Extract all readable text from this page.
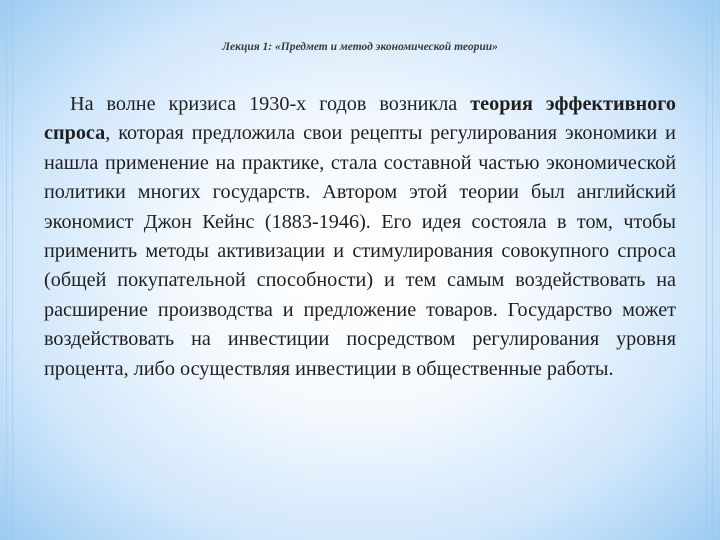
Лекция 1: «Предмет и метод экономической теории»

На волне кризиса 1930-х годов возникла теория эффективного спроса, которая предложила свои рецепты регулирования экономики и нашла применение на практике, стала составной частью экономической политики многих государств. Автором этой теории был английский экономист Джон Кейнс (1883-1946). Его идея состояла в том, чтобы применить методы активизации и стимулирования совокупного спроса (общей покупательной способности) и тем самым воздействовать на расширение производства и предложение товаров. Государство может воздействовать на инвестиции посредством регулирования уровня процента, либо осуществляя инвестиции в общественные работы.
